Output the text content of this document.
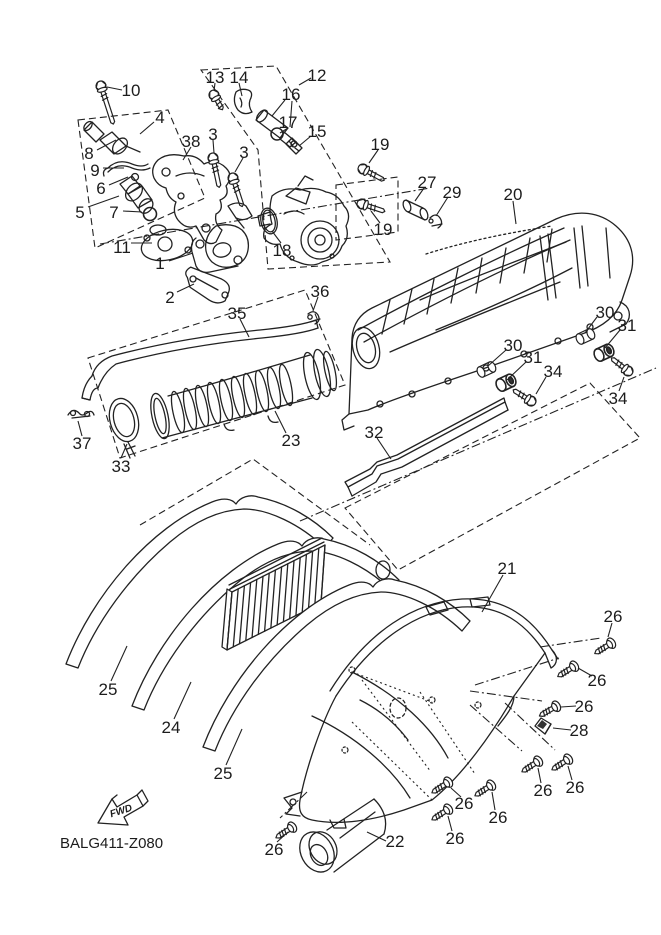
10
4
8
9
6
5 7
11
38 3
3
13 14	12
16
17 15
18
1
2
19
19
27
29 20
36
35
37
33
23
30
31
30
31
34
34
32
21
25
24
25
26
26
26
28
26 26
26
26
26
26	22
FWD
BALG411-Z080
